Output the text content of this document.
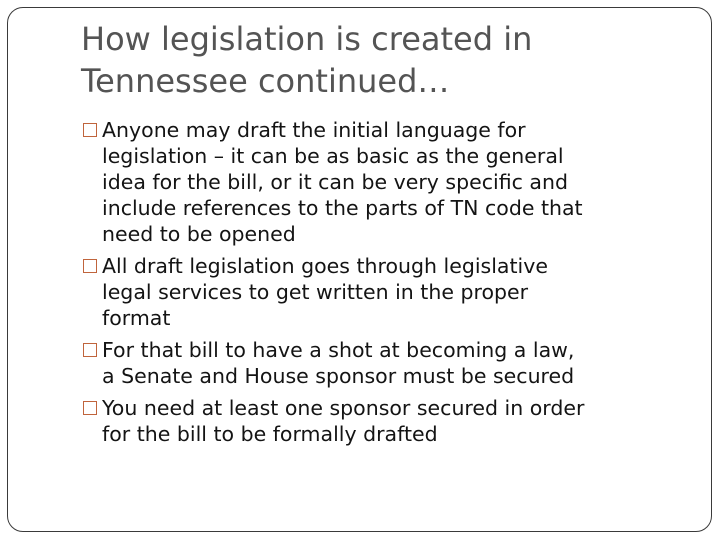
How legislation is created in
Tennessee continued…
Anyone may draft the initial language for
legislation – it can be as basic as the general
idea for the bill, or it can be very specific and
include references to the parts of TN code that
need to be opened
All draft legislation goes through legislative
legal services to get written in the proper
format
For that bill to have a shot at becoming a law,
a Senate and House sponsor must be secured
You need at least one sponsor secured in order
for the bill to be formally drafted
